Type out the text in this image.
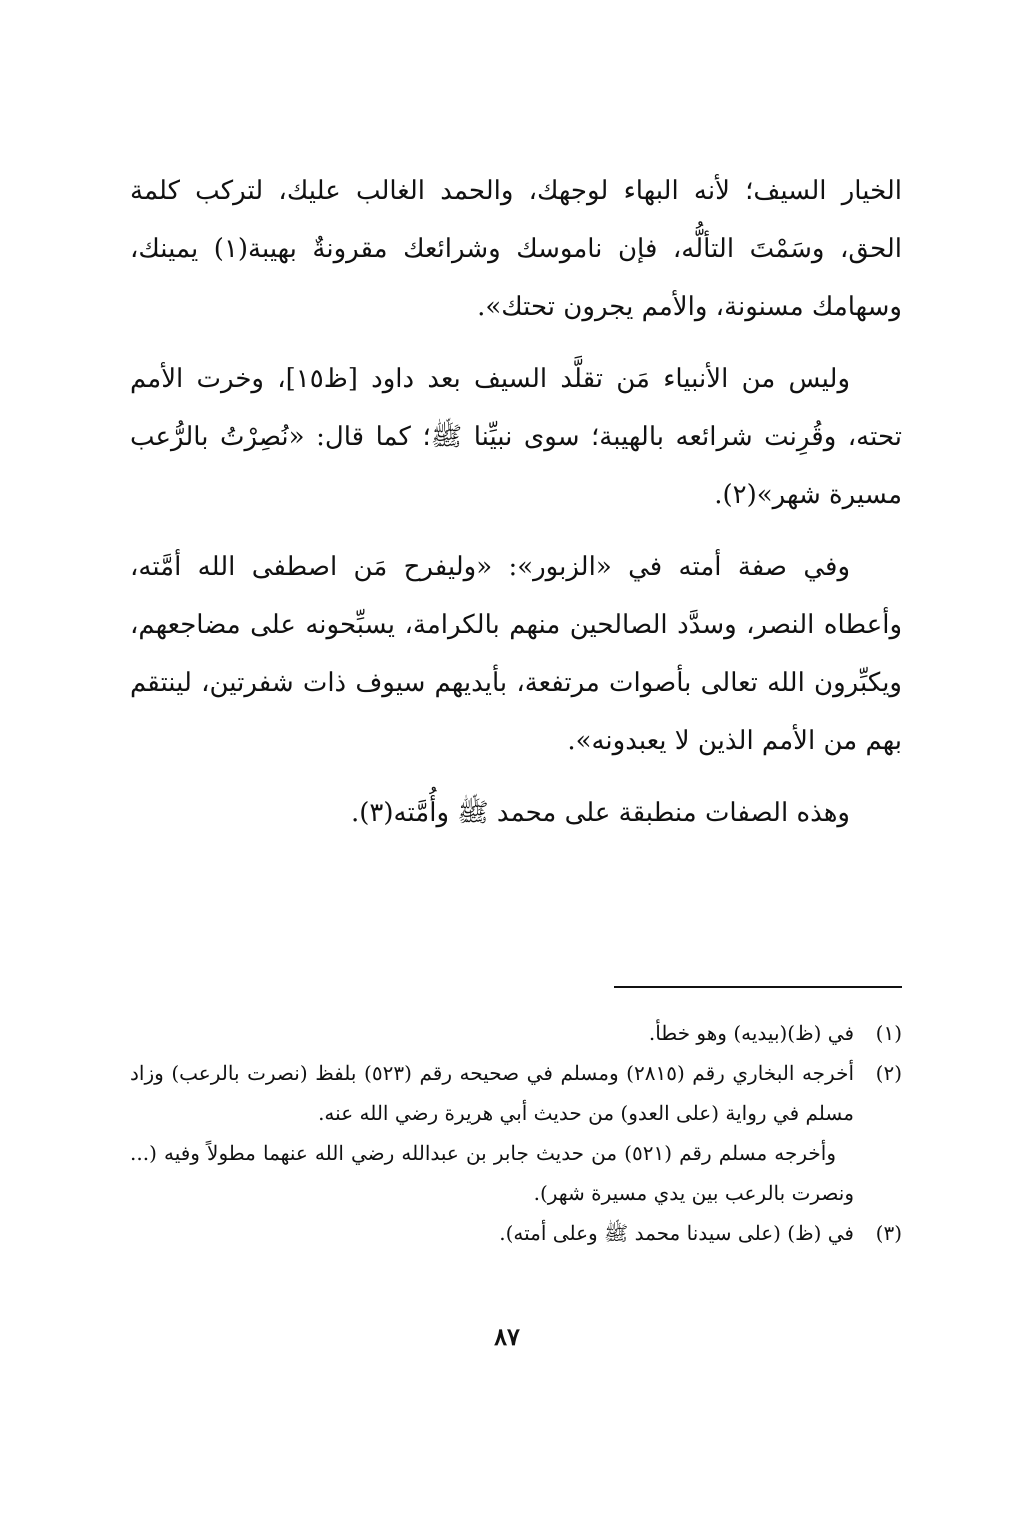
الخيار السيف؛ لأنه البهاء لوجهك، والحمد الغالب عليك، لتركب كلمة الحق، وسَمْتَ التألُّه، فإن ناموسك وشرائعك مقرونةٌ بهيبة(١) يمينك، وسهامك مسنونة، والأمم يجرون تحتك».

وليس من الأنبياء مَن تقلَّد السيف بعد داود [ظ١٥]، وخرت الأمم تحته، وقُرِنت شرائعه بالهيبة؛ سوى نبيِّنا ﷺ؛ كما قال: «نُصِرْتُ بالرُّعب مسيرة شهر»(٢).

وفي صفة أمته في «الزبور»: «وليفرح مَن اصطفى الله أمَّته، وأعطاه النصر، وسدَّد الصالحين منهم بالكرامة، يسبِّحونه على مضاجعهم، ويكبِّرون الله تعالى بأصوات مرتفعة، بأيديهم سيوف ذات شفرتين، لينتقم بهم من الأمم الذين لا يعبدونه».

وهذه الصفات منطبقة على محمد ﷺ وأُمَّته(٣).

(١)
في (ظ)(بيديه) وهو خطأ.
(٢)
أخرجه البخاري رقم (٢٨١٥) ومسلم في صحيحه رقم (٥٢٣) بلفظ (نصرت بالرعب) وزاد مسلم في رواية (على العدو) من حديث أبي هريرة رضي الله عنه.
وأخرجه مسلم رقم (٥٢١) من حديث جابر بن عبدالله رضي الله عنهما مطولاً وفيه (... ونصرت بالرعب بين يدي مسيرة شهر).
(٣)
في (ظ) (على سيدنا محمد ﷺ وعلى أمته).
٨٧
